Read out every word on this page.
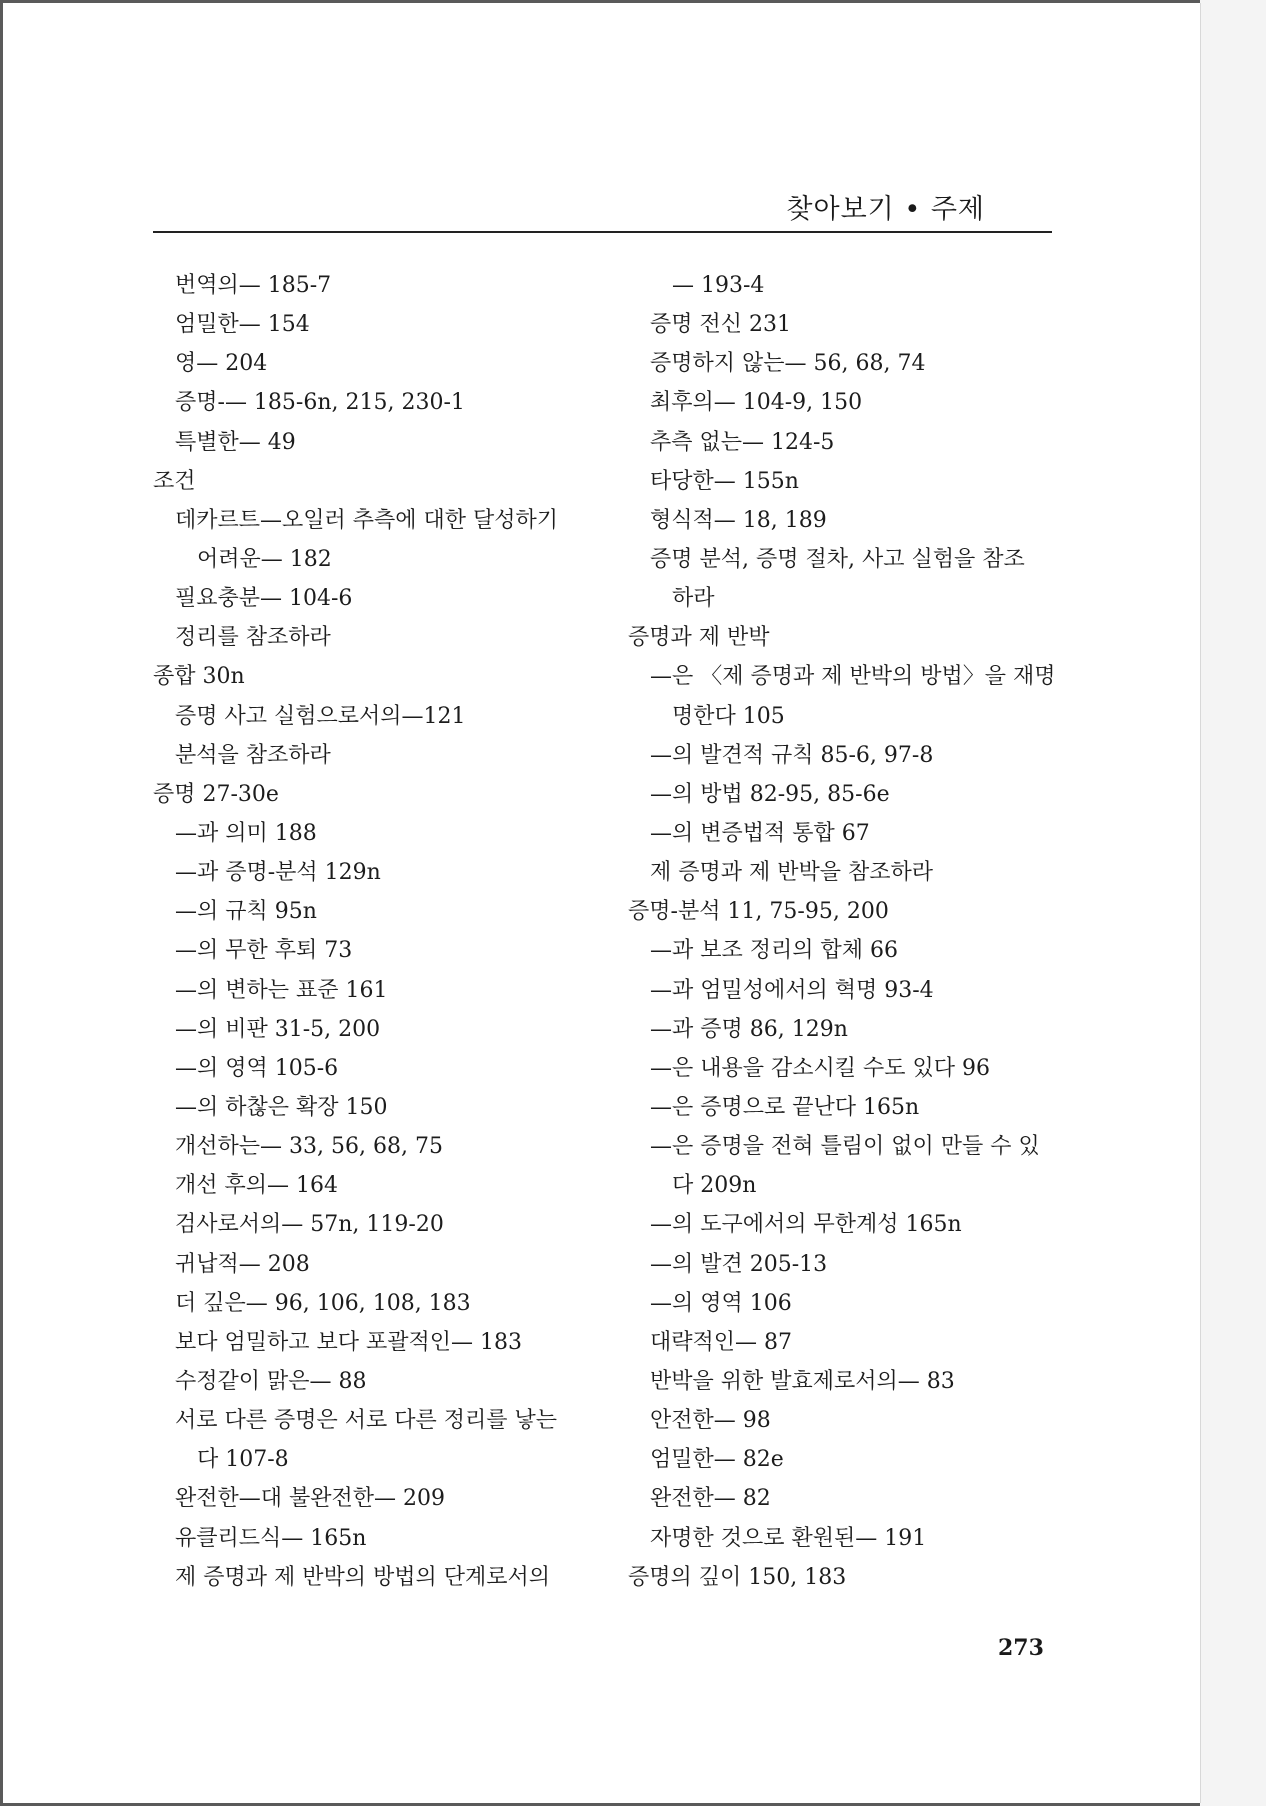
찾아보기 • 주제
번역의— 185-7
엄밀한— 154
영— 204
증명-— 185-6n, 215, 230-1
특별한— 49
조건
데카르트—오일러 추측에 대한 달성하기
어려운— 182
필요충분— 104-6
정리를 참조하라
종합 30n
증명 사고 실험으로서의—121
분석을 참조하라
증명 27-30e
—과 의미 188
—과 증명-분석 129n
—의 규칙 95n
—의 무한 후퇴 73
—의 변하는 표준 161
—의 비판 31-5, 200
—의 영역 105-6
—의 하찮은 확장 150
개선하는— 33, 56, 68, 75
개선 후의— 164
검사로서의— 57n, 119-20
귀납적— 208
더 깊은— 96, 106, 108, 183
보다 엄밀하고 보다 포괄적인— 183
수정같이 맑은— 88
서로 다른 증명은 서로 다른 정리를 낳는
다 107-8
완전한—대 불완전한— 209
유클리드식— 165n
제 증명과 제 반박의 방법의 단계로서의
— 193-4
증명 전신 231
증명하지 않는— 56, 68, 74
최후의— 104-9, 150
추측 없는— 124-5
타당한— 155n
형식적— 18, 189
증명 분석, 증명 절차, 사고 실험을 참조
하라
증명과 제 반박
—은 〈제 증명과 제 반박의 방법〉을 재명
명한다 105
—의 발견적 규칙 85-6, 97-8
—의 방법 82-95, 85-6e
—의 변증법적 통합 67
제 증명과 제 반박을 참조하라
증명-분석 11, 75-95, 200
—과 보조 정리의 합체 66
—과 엄밀성에서의 혁명 93-4
—과 증명 86, 129n
—은 내용을 감소시킬 수도 있다 96
—은 증명으로 끝난다 165n
—은 증명을 전혀 틀림이 없이 만들 수 있
다 209n
—의 도구에서의 무한계성 165n
—의 발견 205-13
—의 영역 106
대략적인— 87
반박을 위한 발효제로서의— 83
안전한— 98
엄밀한— 82e
완전한— 82
자명한 것으로 환원된— 191
증명의 깊이 150, 183
273
